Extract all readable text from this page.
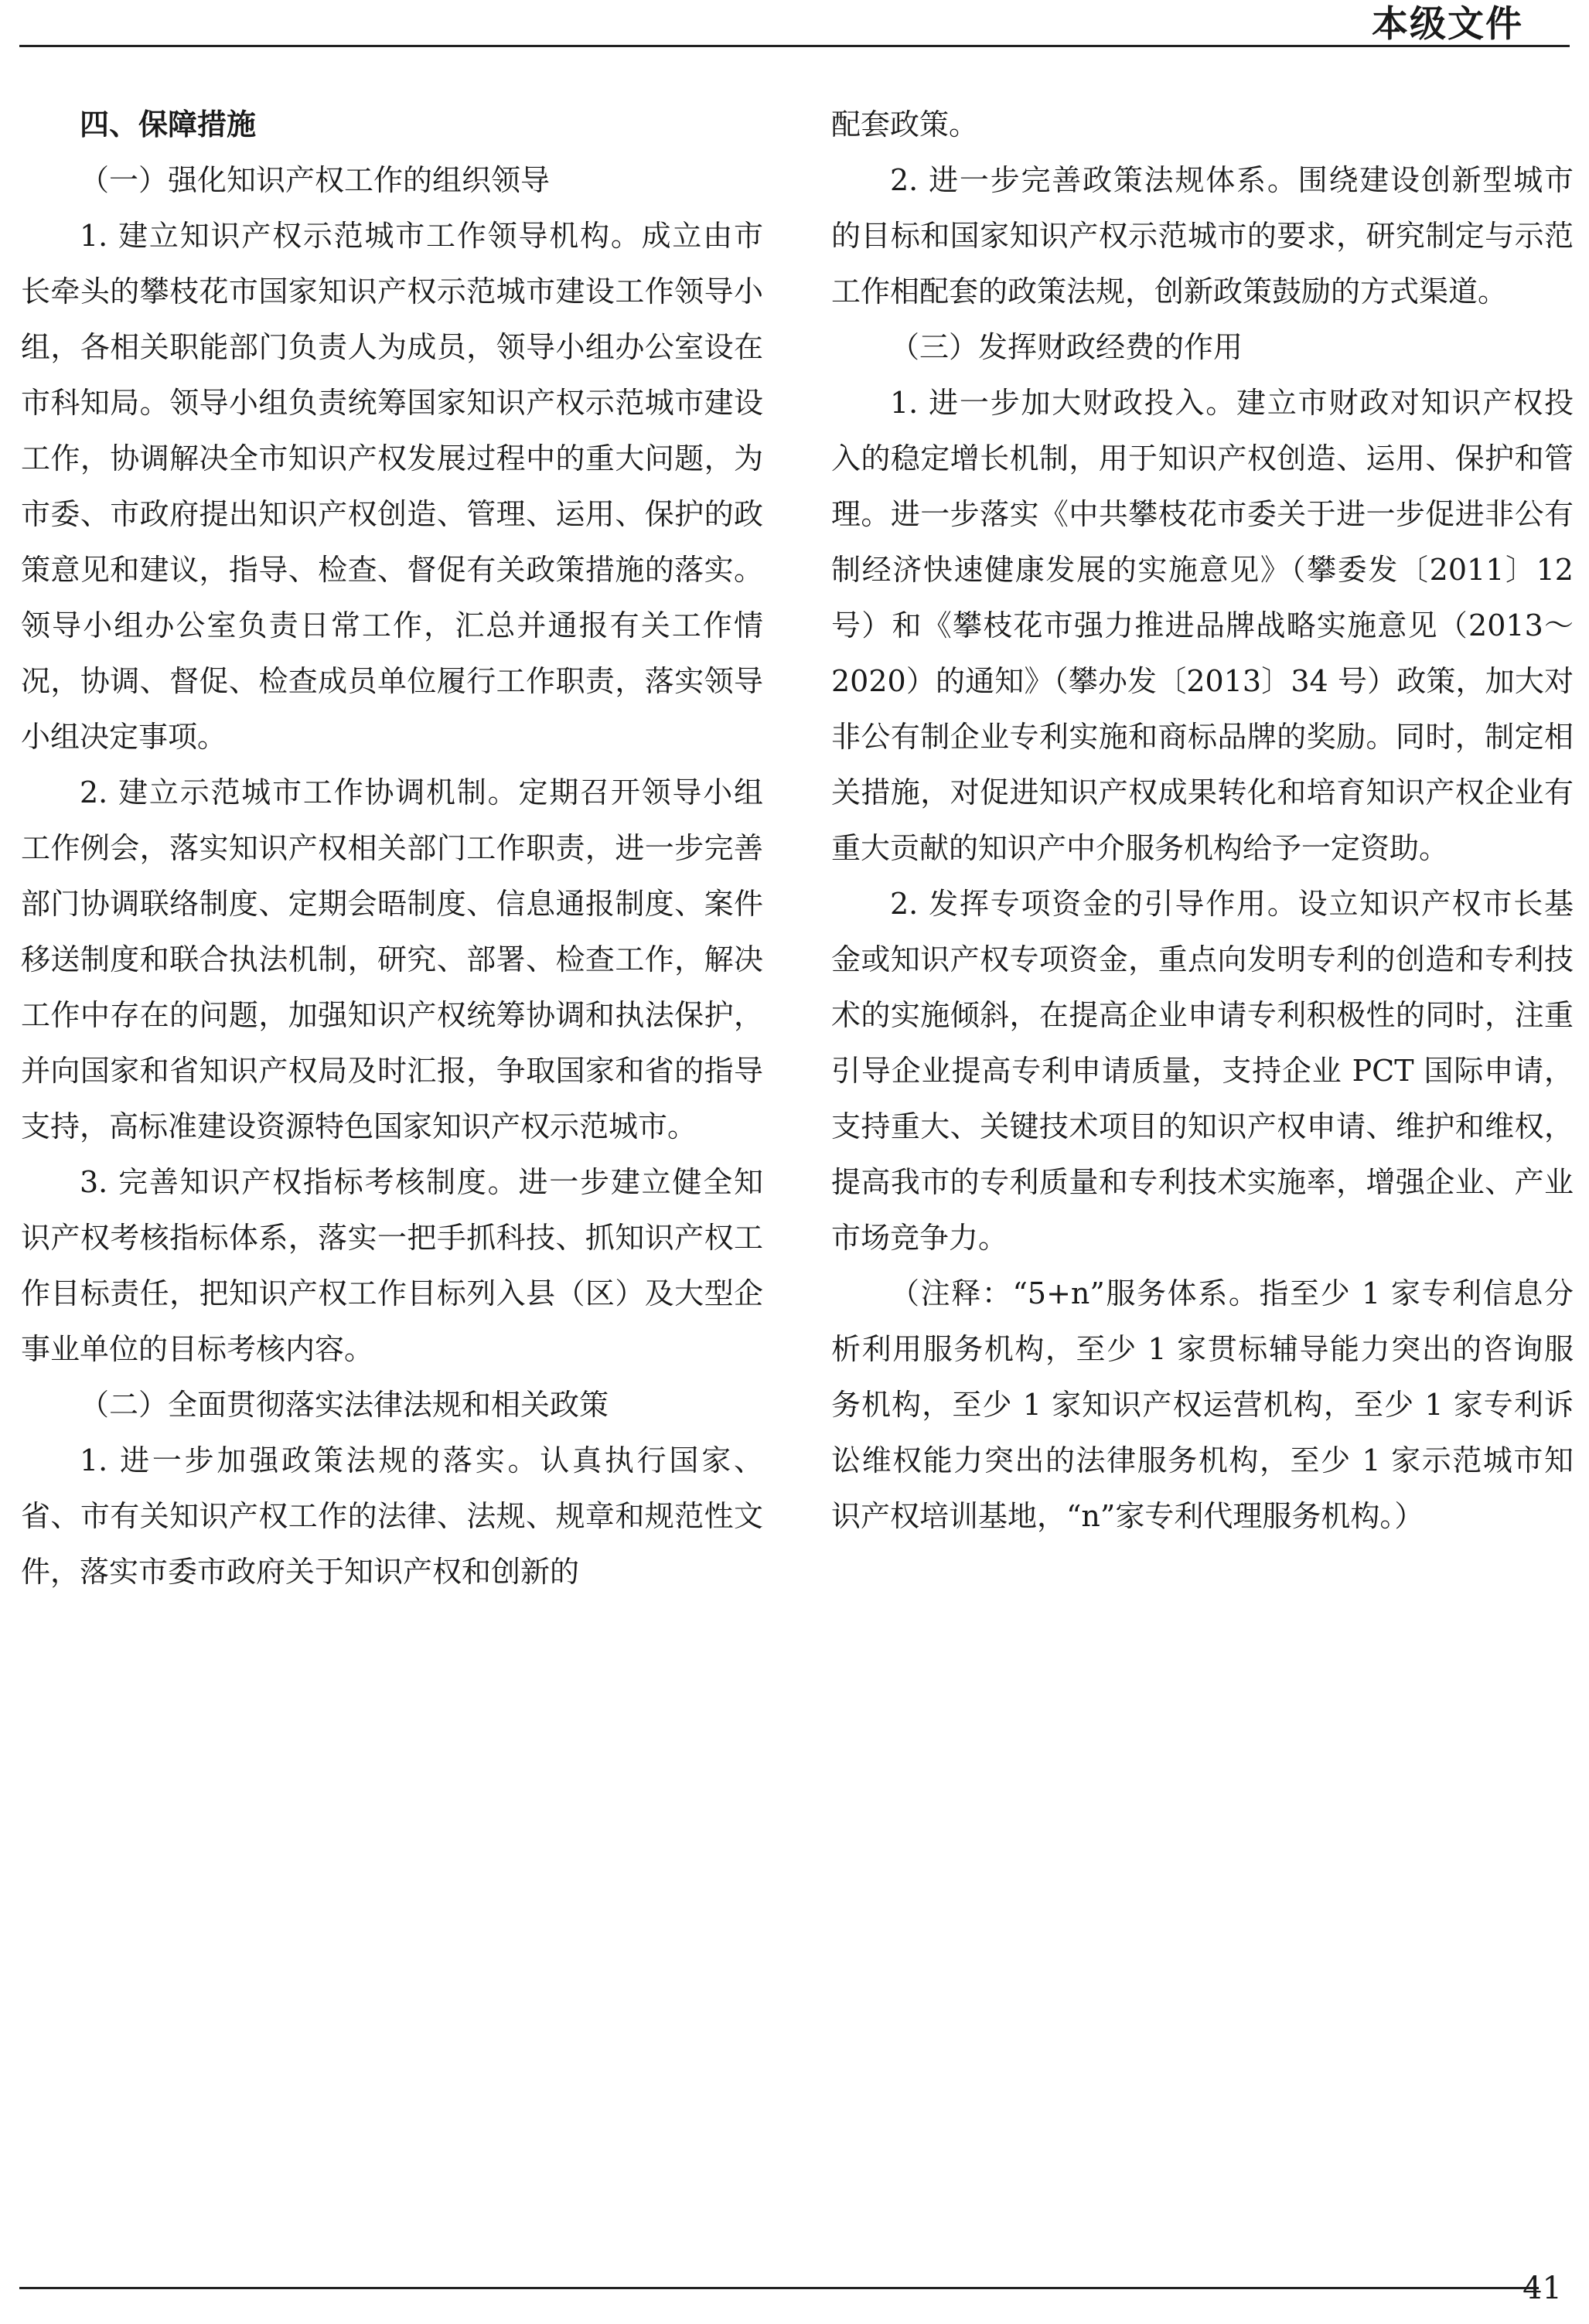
本级文件

四、保障措施

（一）强化知识产权工作的组织领导

1. 建立知识产权示范城市工作领导机构。成立由市长牵头的攀枝花市国家知识产权示范城市建设工作领导小组，各相关职能部门负责人为成员，领导小组办公室设在市科知局。领导小组负责统筹国家知识产权示范城市建设工作，协调解决全市知识产权发展过程中的重大问题，为市委、市政府提出知识产权创造、管理、运用、保护的政策意见和建议，指导、检查、督促有关政策措施的落实。领导小组办公室负责日常工作，汇总并通报有关工作情况，协调、督促、检查成员单位履行工作职责，落实领导小组决定事项。

2. 建立示范城市工作协调机制。定期召开领导小组工作例会，落实知识产权相关部门工作职责，进一步完善部门协调联络制度、定期会晤制度、信息通报制度、案件移送制度和联合执法机制，研究、部署、检查工作，解决工作中存在的问题，加强知识产权统筹协调和执法保护，并向国家和省知识产权局及时汇报，争取国家和省的指导支持，高标准建设资源特色国家知识产权示范城市。

3. 完善知识产权指标考核制度。进一步建立健全知识产权考核指标体系，落实一把手抓科技、抓知识产权工作目标责任，把知识产权工作目标列入县（区）及大型企事业单位的目标考核内容。

（二）全面贯彻落实法律法规和相关政策

1. 进一步加强政策法规的落实。认真执行国家、省、市有关知识产权工作的法律、法规、规章和规范性文件，落实市委市政府关于知识产权和创新的

配套政策。

2. 进一步完善政策法规体系。围绕建设创新型城市的目标和国家知识产权示范城市的要求，研究制定与示范工作相配套的政策法规，创新政策鼓励的方式渠道。

（三）发挥财政经费的作用

1. 进一步加大财政投入。建立市财政对知识产权投入的稳定增长机制，用于知识产权创造、运用、保护和管理。进一步落实《中共攀枝花市委关于进一步促进非公有制经济快速健康发展的实施意见》（攀委发〔2011〕12 号）和《攀枝花市强力推进品牌战略实施意见（2013～2020）的通知》（攀办发〔2013〕34 号）政策，加大对非公有制企业专利实施和商标品牌的奖励。同时，制定相关措施，对促进知识产权成果转化和培育知识产权企业有重大贡献的知识产中介服务机构给予一定资助。

2. 发挥专项资金的引导作用。设立知识产权市长基金或知识产权专项资金，重点向发明专利的创造和专利技术的实施倾斜，在提高企业申请专利积极性的同时，注重引导企业提高专利申请质量，支持企业 PCT 国际申请，支持重大、关键技术项目的知识产权申请、维护和维权，提高我市的专利质量和专利技术实施率，增强企业、产业市场竞争力。

（注释：“5+n”服务体系。指至少 1 家专利信息分析利用服务机构，至少 1 家贯标辅导能力突出的咨询服务机构，至少 1 家知识产权运营机构，至少 1 家专利诉讼维权能力突出的法律服务机构，至少 1 家示范城市知识产权培训基地，“n”家专利代理服务机构。）

41
